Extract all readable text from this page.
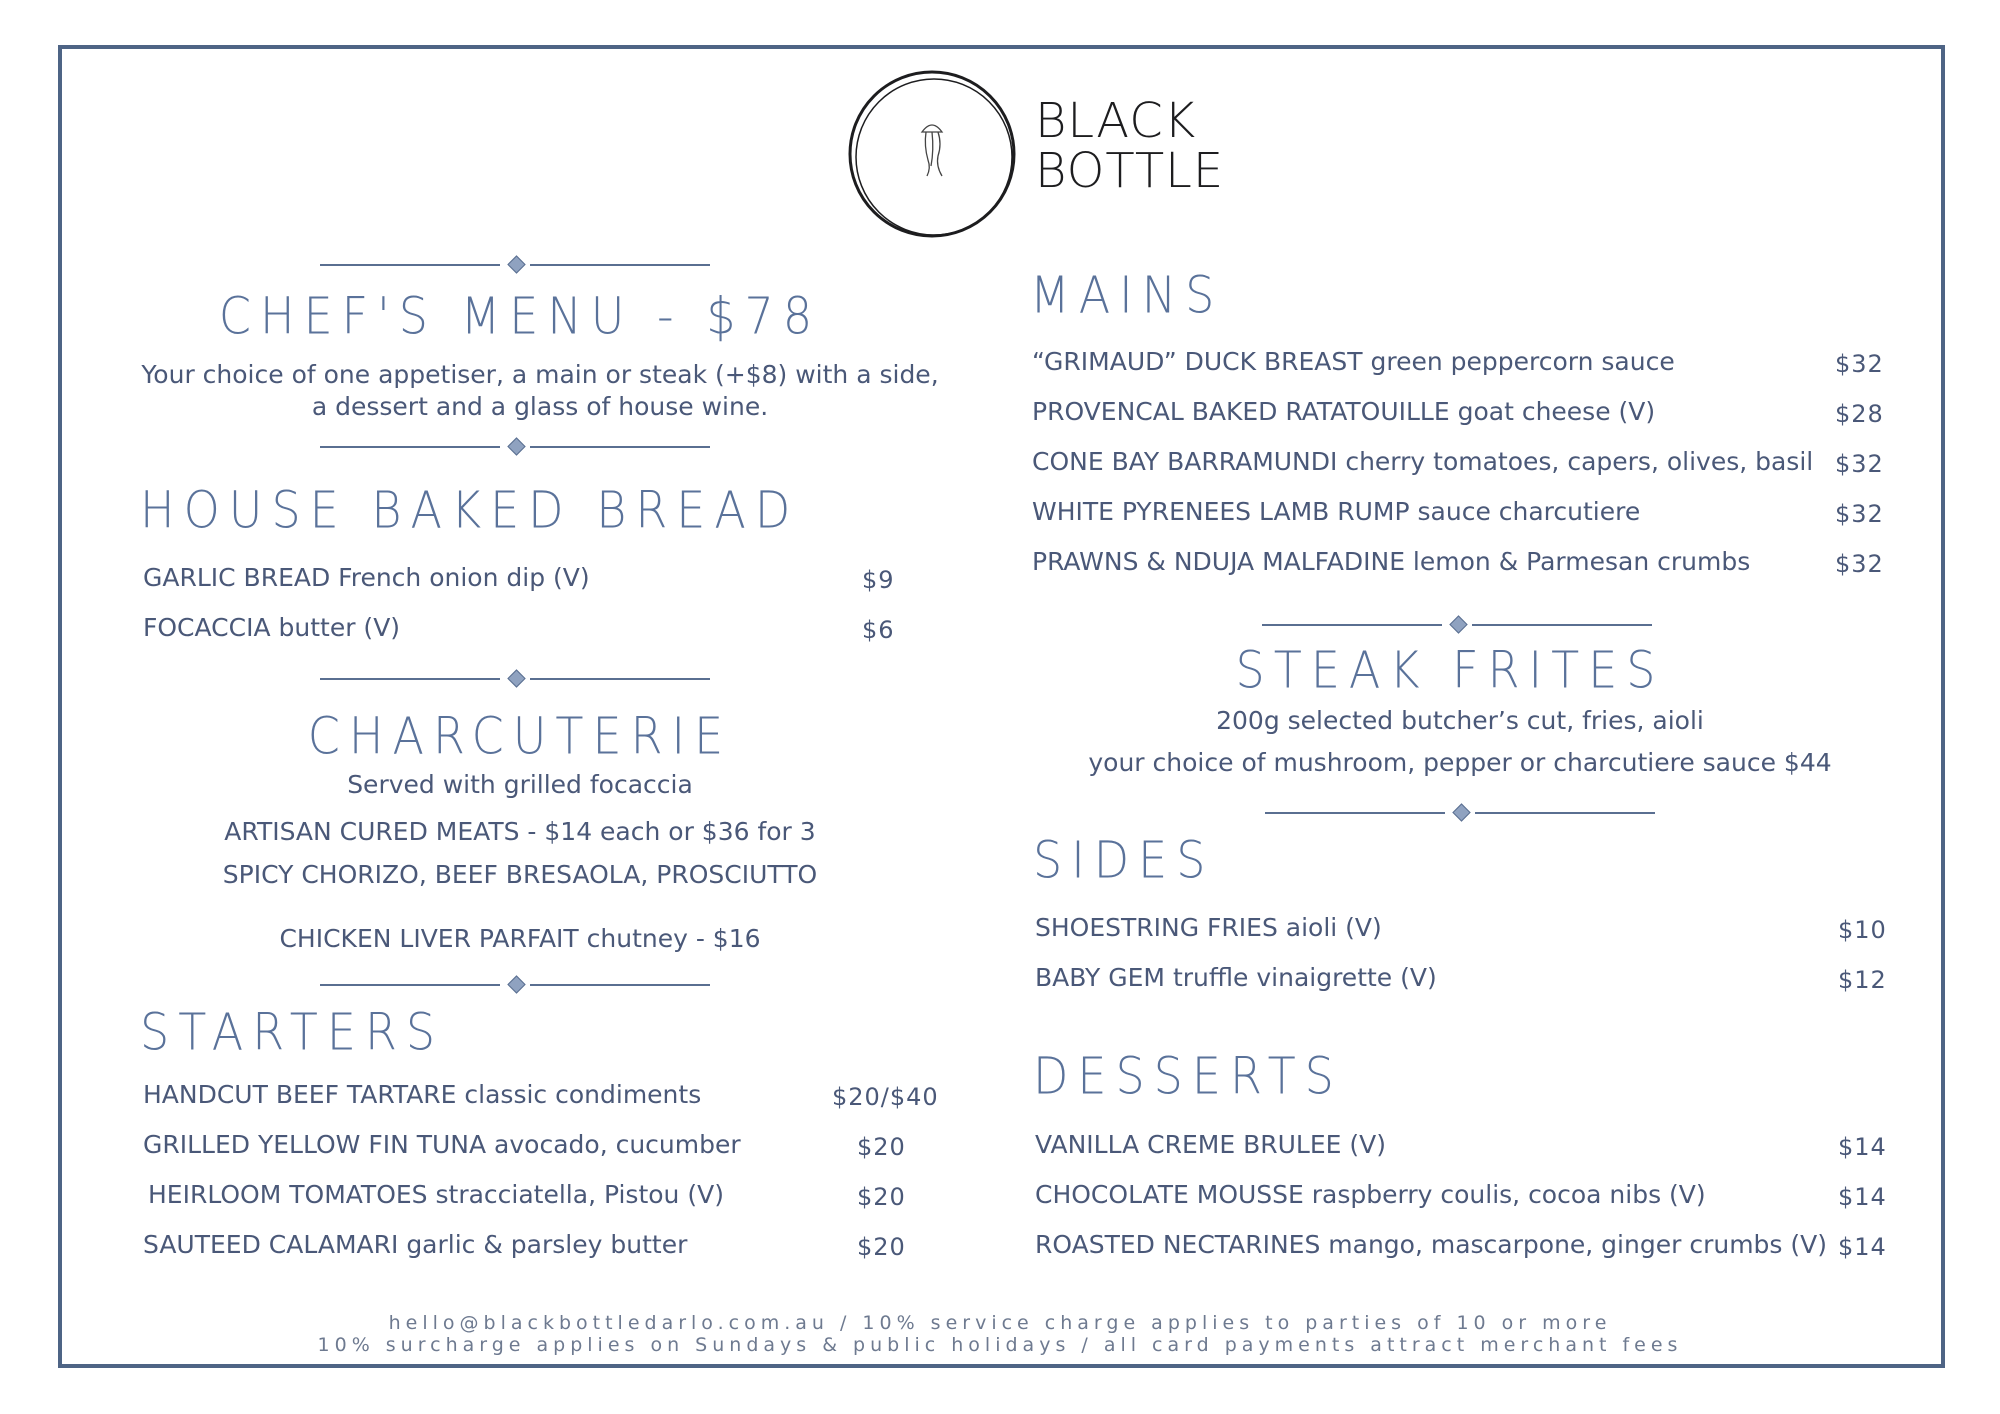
BLACK
BOTTLE
CHEF'S MENU - $78
Your choice of one appetiser, a main or steak (+$8) with a side,
a dessert and a glass of house wine.
HOUSE BAKED BREAD
GARLIC BREAD French onion dip (V)	$9
FOCACCIA butter (V)	$6
CHARCUTERIE
Served with grilled focaccia
ARTISAN CURED MEATS - $14 each or $36 for 3
SPICY CHORIZO, BEEF BRESAOLA, PROSCIUTTO
CHICKEN LIVER PARFAIT chutney - $16
STARTERS
HANDCUT BEEF TARTARE classic condiments	$20/$40
GRILLED YELLOW FIN TUNA avocado, cucumber	$20
HEIRLOOM TOMATOES stracciatella, Pistou (V)	$20
SAUTEED CALAMARI garlic & parsley butter	$20
MAINS
“GRIMAUD” DUCK BREAST green peppercorn sauce	$32
PROVENCAL BAKED RATATOUILLE goat cheese (V)	$28
CONE BAY BARRAMUNDI cherry tomatoes, capers, olives, basil $32
WHITE PYRENEES LAMB RUMP sauce charcutiere	$32
PRAWNS & NDUJA MALFADINE lemon & Parmesan crumbs	$32
STEAK FRITES
200g selected butcher’s cut, fries, aioli
your choice of mushroom, pepper or charcutiere sauce $44
SIDES
SHOESTRING FRIES aioli (V)	$10
BABY GEM truffle vinaigrette (V)	$12
DESSERTS
VANILLA CREME BRULEE (V)	$14
CHOCOLATE MOUSSE raspberry coulis, cocoa nibs (V)	$14
ROASTED NECTARINES mango, mascarpone, ginger crumbs (V) $14
hello@blackbottledarlo.com.au / 10% service charge applies to parties of 10 or more
10% surcharge applies on Sundays & public holidays / all card payments attract merchant fees
